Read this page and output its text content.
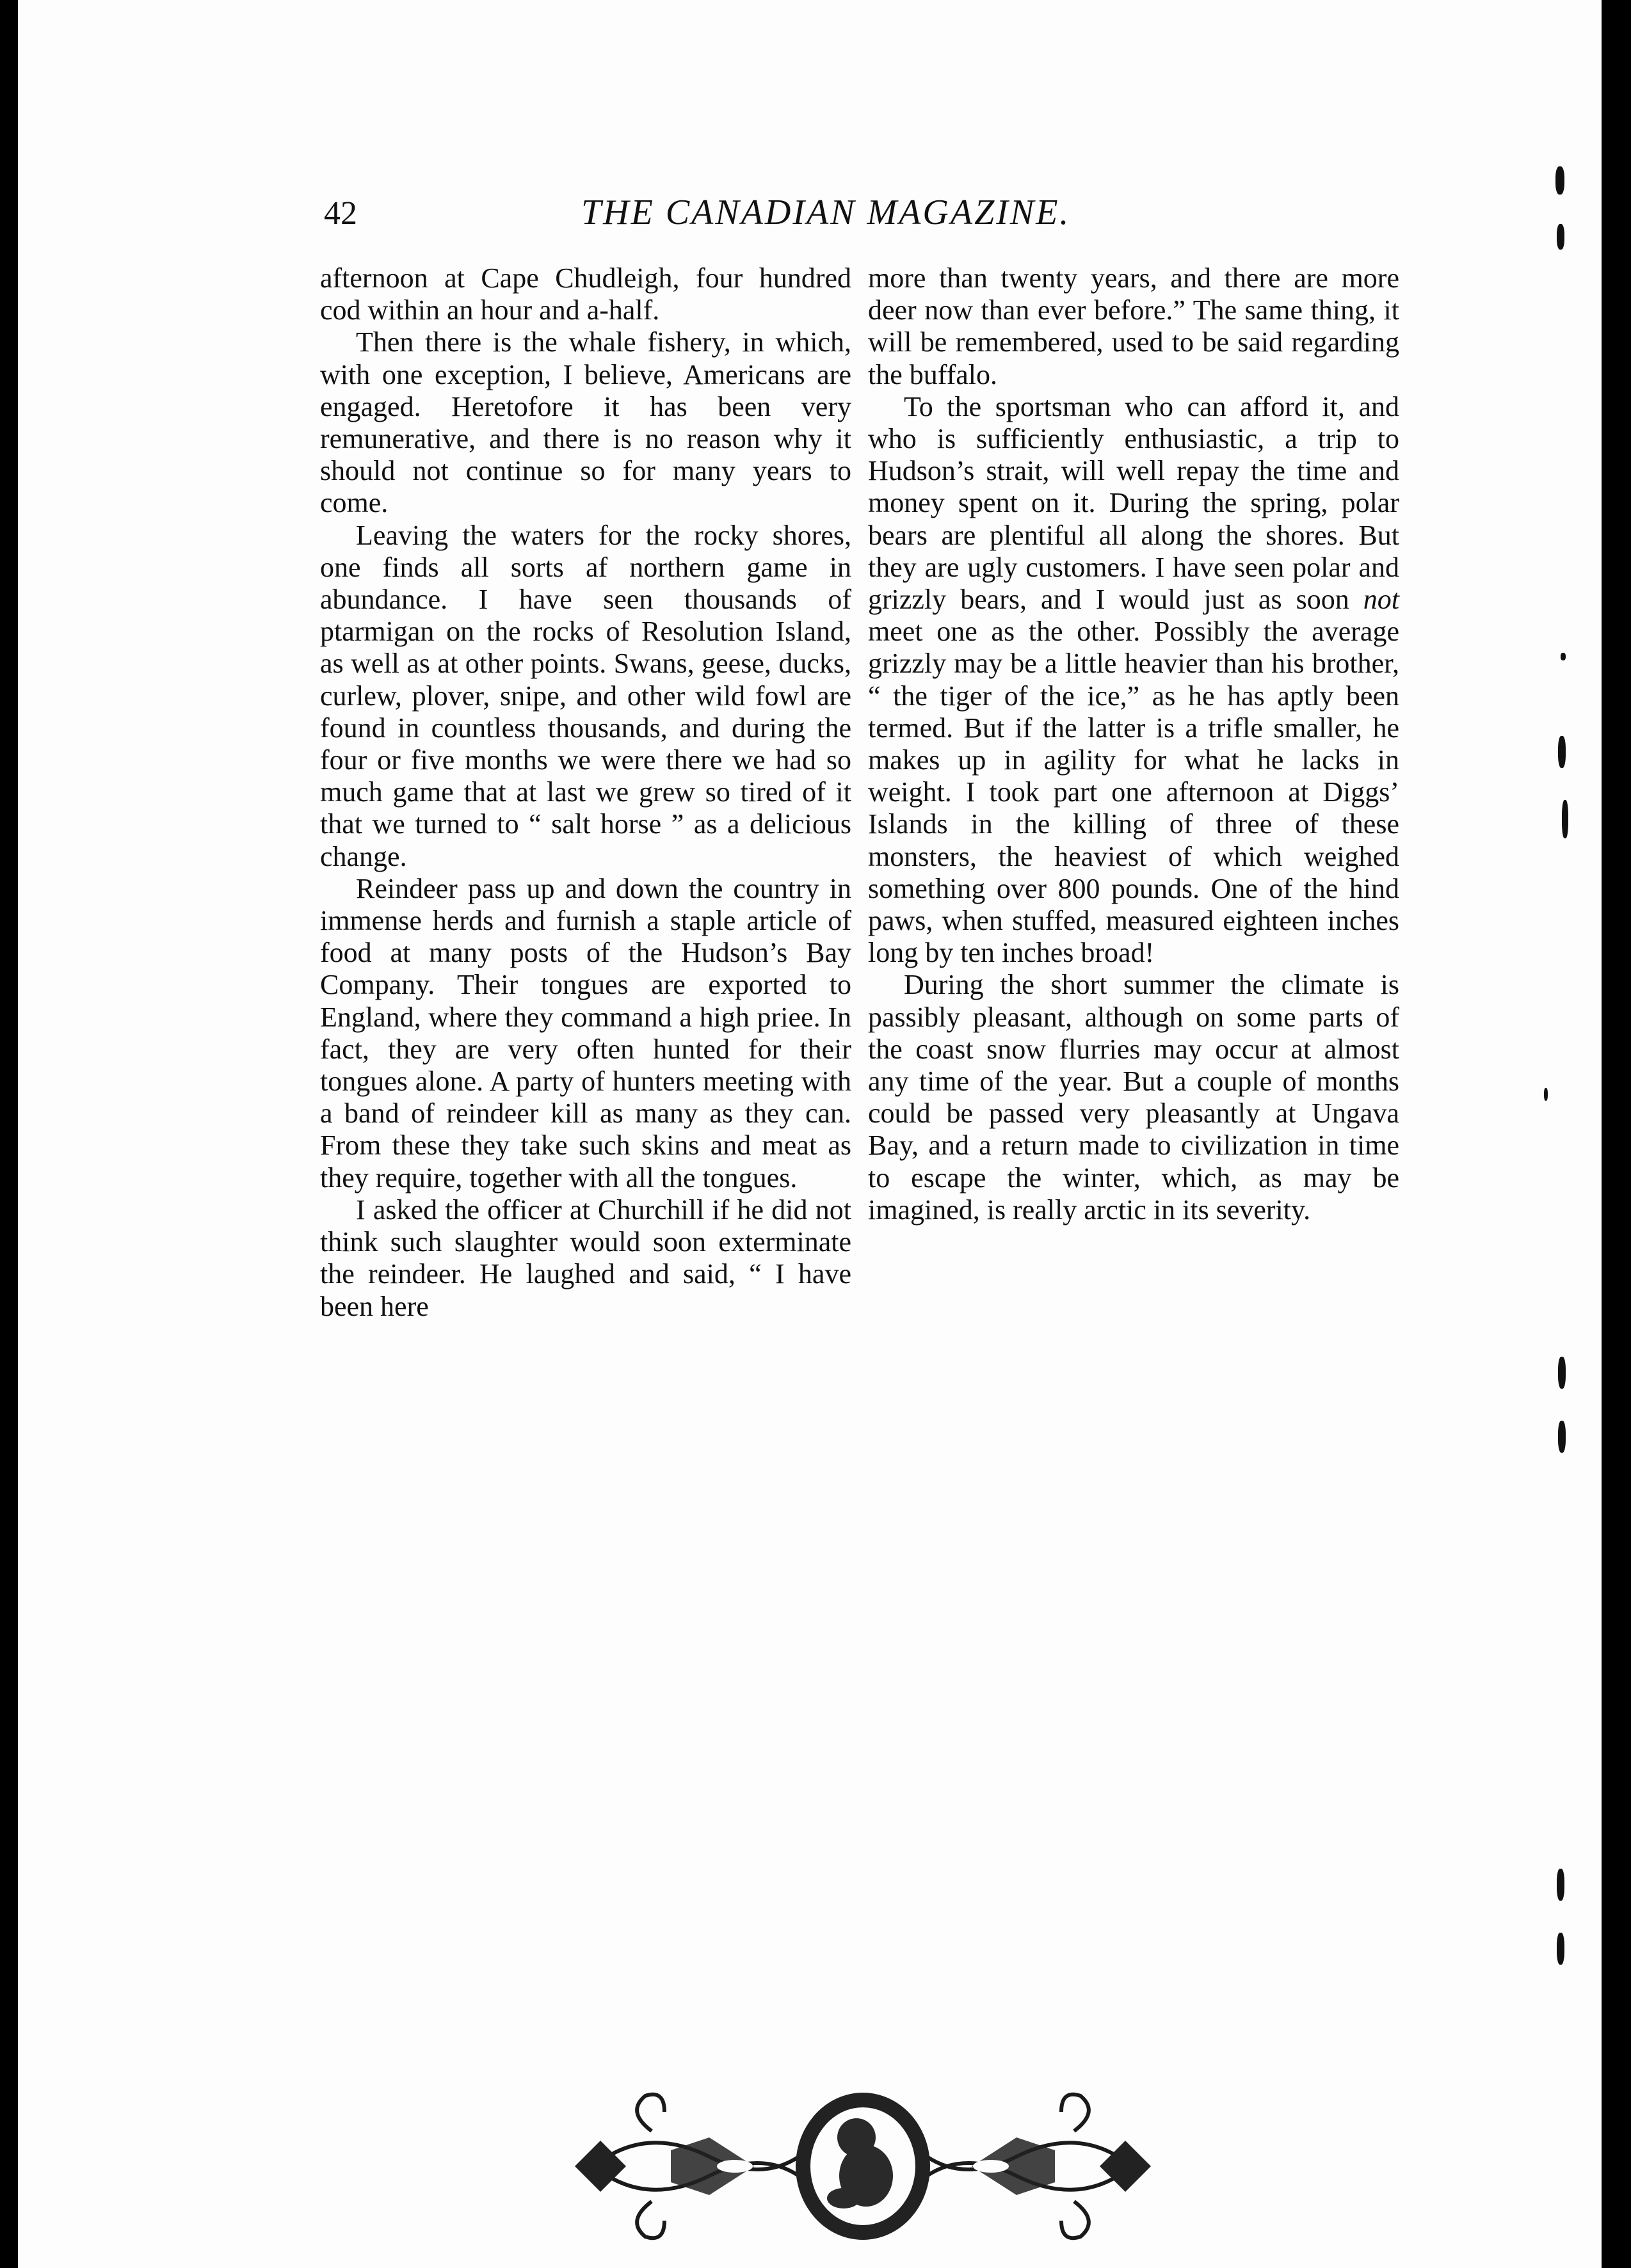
42	THE CANADIAN MAGAZINE.

afternoon at Cape Chudleigh, four hundred cod within an hour and a-half.

Then there is the whale fishery, in which, with one exception, I believe, Americans are engaged. Heretofore it has been very remunerative, and there is no reason why it should not continue so for many years to come.

Leaving the waters for the rocky shores, one finds all sorts af northern game in abundance. I have seen thousands of ptarmigan on the rocks of Resolution Island, as well as at other points. Swans, geese, ducks, curlew, plover, snipe, and other wild fowl are found in countless thousands, and during the four or five months we were there we had so much game that at last we grew so tired of it that we turned to “ salt horse ” as a delicious change.

Reindeer pass up and down the country in immense herds and furnish a staple article of food at many posts of the Hudson’s Bay Company. Their tongues are exported to England, where they command a high priee. In fact, they are very often hunted for their tongues alone. A party of hunters meeting with a band of reindeer kill as many as they can. From these they take such skins and meat as they require, together with all the tongues.

I asked the officer at Churchill if he did not think such slaughter would soon exterminate the reindeer. He laughed and said, “ I have been here

more than twenty years, and there are more deer now than ever before.” The same thing, it will be remembered, used to be said regarding the buffalo.

To the sportsman who can afford it, and who is sufficiently enthusiastic, a trip to Hudson’s strait, will well repay the time and money spent on it. During the spring, polar bears are plentiful all along the shores. But they are ugly customers. I have seen polar and grizzly bears, and I would just as soon not meet one as the other. Possibly the average grizzly may be a little heavier than his brother, “ the tiger of the ice,” as he has aptly been termed. But if the latter is a trifle smaller, he makes up in agility for what he lacks in weight. I took part one afternoon at Diggs’ Islands in the killing of three of these monsters, the heaviest of which weighed something over 800 pounds. One of the hind paws, when stuffed, measured eighteen inches long by ten inches broad!

During the short summer the climate is passibly pleasant, although on some parts of the coast snow flurries may occur at almost any time of the year. But a couple of months could be passed very pleasantly at Ungava Bay, and a return made to civilization in time to escape the winter, which, as may be imagined, is really arctic in its severity.
